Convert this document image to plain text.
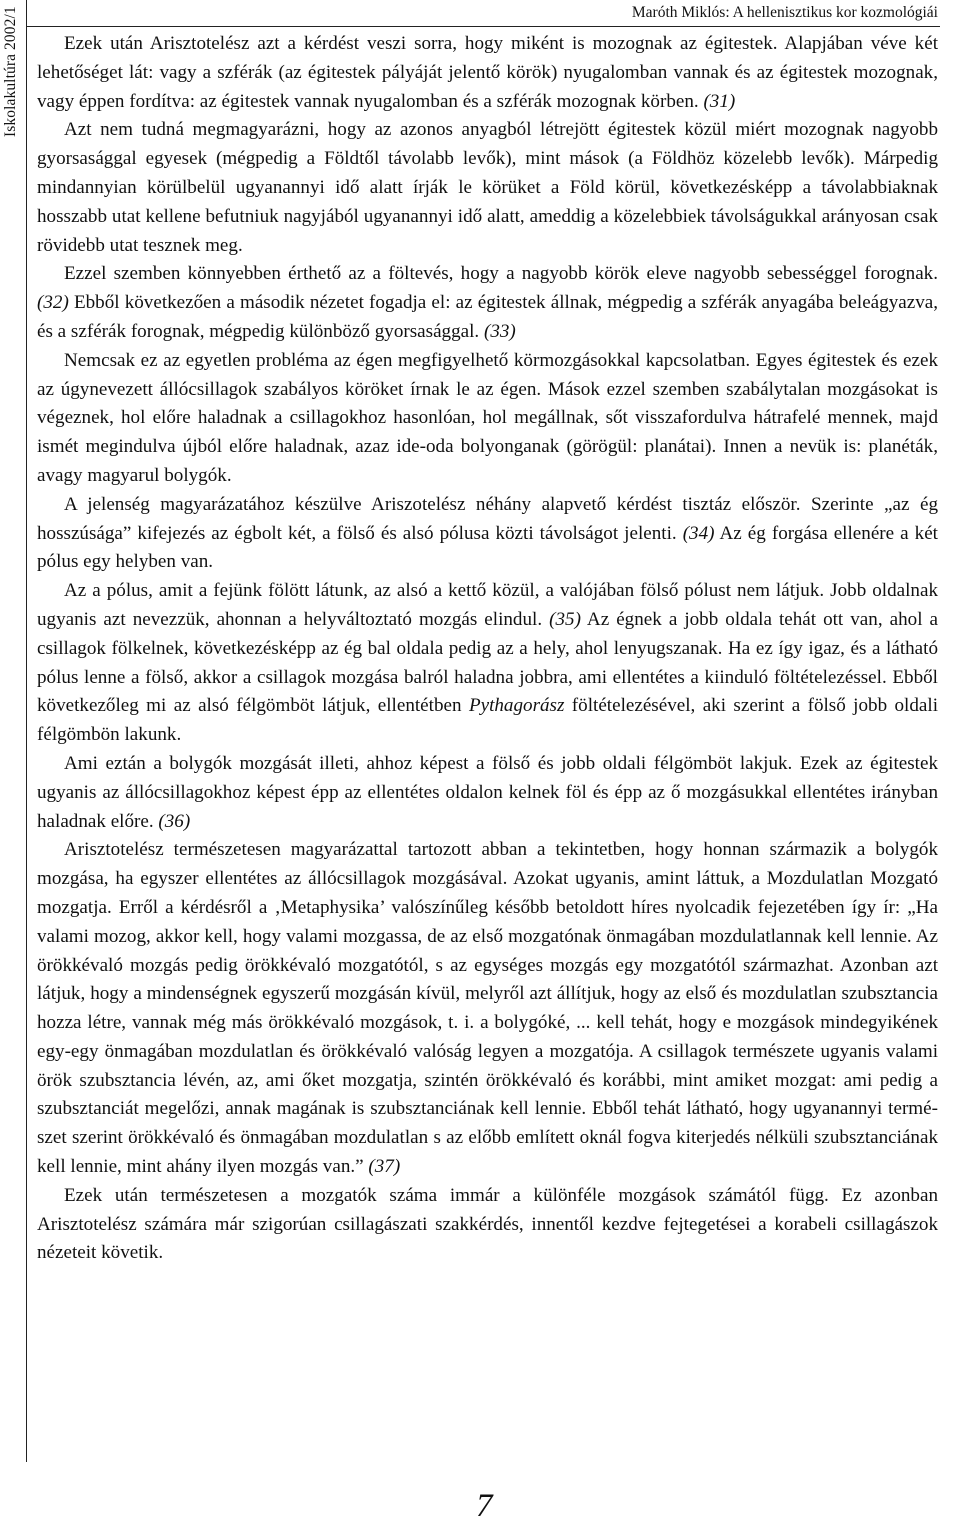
Iskolakultúra 2002/1	Maróth Miklós: A hellenisztikus kor kozmológiái

Ezek után Arisztotelész azt a kérdést veszi sorra, hogy miként is mozognak az égitestek. Alapjában véve két lehetőséget lát: vagy a szférák (az égitestek pályáját jelentő körök) nyugalomban vannak és az égitestek mozognak, vagy éppen fordítva: az égitestek vannak nyugalomban és a szférák mozognak körben. (31)

Azt nem tudná megmagyarázni, hogy az azonos anyagból létrejött égitestek közül miért mozognak nagyobb gyorsasággal egyesek (mégpedig a Földtől távolabb levők), mint mások (a Földhöz közelebb levők). Márpedig mindannyian körülbelül ugyanannyi idő alatt írják le körüket a Föld körül, következésképp a távolabbiaknak hosszabb utat kellene befutniuk nagyjából ugyanannyi idő alatt, ameddig a közelebbiek távolságukkal arányosan csak rövidebb utat tesznek meg.

Ezzel szemben könnyebben érthető az a föltevés, hogy a nagyobb körök eleve nagyobb sebességgel forognak. (32) Ebből következően a második nézetet fogadja el: az égitestek állnak, mégpedig a szférák anyagába beleágyazva, és a szférák forognak, mégpedig különböző gyorsasággal. (33)

Nemcsak ez az egyetlen probléma az égen megfigyelhető körmozgásokkal kapcsolatban. Egyes égitestek és ezek az úgynevezett állócsillagok szabályos köröket írnak le az égen. Mások ezzel szemben szabálytalan mozgásokat is végeznek, hol előre haladnak a csillagokhoz hasonlóan, hol megállnak, sőt visszafordulva hátrafelé mennek, majd ismét megindulva újból előre haladnak, azaz ide-oda bolyonganak (görögül: planátai). Innen a nevük is: planéták, avagy magyarul bolygók.

A jelenség magyarázatához készülve Ariszotelész néhány alapvető kérdést tisztáz először. Szerinte „az ég hosszúsága” kifejezés az égbolt két, a fölső és alsó pólusa közti távolságot jelenti. (34) Az ég forgása ellenére a két pólus egy helyben van.

Az a pólus, amit a fejünk fölött látunk, az alsó a kettő közül, a valójában fölső pólust nem látjuk. Jobb oldalnak ugyanis azt nevezzük, ahonnan a helyváltoztató mozgás elindul. (35) Az égnek a jobb oldala tehát ott van, ahol a csillagok fölkelnek, következésképp az ég bal oldala pedig az a hely, ahol lenyugszanak. Ha ez így igaz, és a látható pólus lenne a fölső, akkor a csillagok mozgása balról haladna jobbra, ami ellentétes a kiinduló föltételezéssel. Ebből következőleg mi az alsó félgömböt látjuk, ellentétben Pythagorász föltételezésével, aki szerint a fölső jobb oldali félgömbön lakunk.

Ami eztán a bolygók mozgását illeti, ahhoz képest a fölső és jobb oldali félgömböt lakjuk. Ezek az égitestek ugyanis az állócsillagokhoz képest épp az ellentétes oldalon kelnek föl és épp az ő mozgásukkal ellentétes irányban haladnak előre. (36)

Arisztotelész természetesen magyarázattal tartozott abban a tekintetben, hogy honnan származik a bolygók mozgása, ha egyszer ellentétes az állócsillagok mozgásával. Azokat ugyanis, amint láttuk, a Mozdulatlan Mozgató mozgatja. Erről a kérdésről a ‚Metaphysika’ valószínűleg később betoldott híres nyolcadik fejezetében így ír: „Ha valami mozog, akkor kell, hogy valami mozgassa, de az első mozgatónak önmagában mozdulatlannak kell lennie. Az örökkévaló mozgás pedig örökkévaló mozgatótól, s az egységes mozgás egy mozgatótól származhat. Azonban azt látjuk, hogy a mindenségnek egyszerű mozgásán kívül, melyről azt állítjuk, hogy az első és mozdulatlan szubsztancia hozza létre, vannak még más örökkévaló mozgások, t. i. a bolygóké, ... kell tehát, hogy e mozgások mindegyikének egy-egy önmagában mozdulatlan és örökkévaló valóság legyen a mozgatója. A csillagok természete ugyanis valami örök szubsztancia lévén, az, ami őket mozgatja, szintén örökkévaló és korábbi, mint amiket mozgat: ami pedig a szubsztanciát megelőzi, annak magának is szubsztanciának kell lennie. Ebből tehát látható, hogy ugyanannyi természet szerint örökkévaló és önmagában mozdulatlan s az előbb említett oknál fogva kiterjedés nélküli szubsztanciának kell lennie, mint ahány ilyen mozgás van.” (37)

Ezek után természetesen a mozgatók száma immár a különféle mozgások számától függ. Ez azonban Arisztotelész számára már szigorúan csillagászati szakkérdés, innentől kezdve fejtegetései a korabeli csillagászok nézeteit követik.

7
